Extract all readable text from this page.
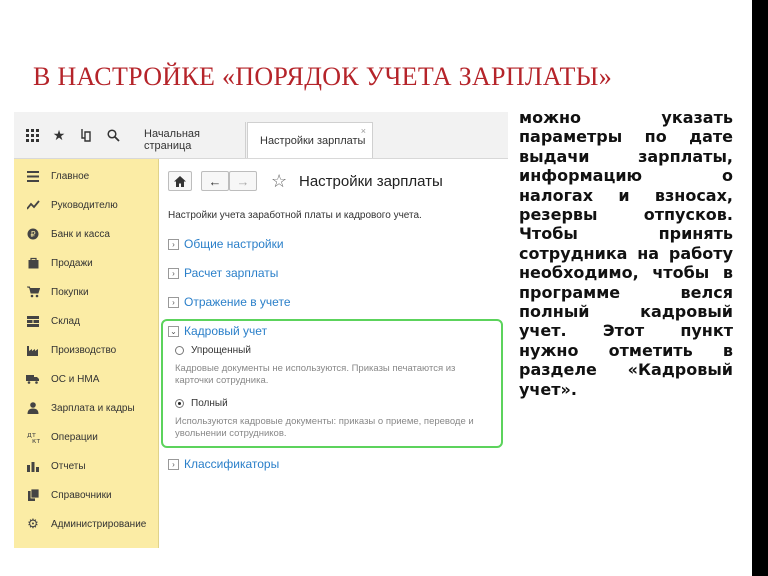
В НАСТРОЙКЕ «ПОРЯДОК УЧЕТА ЗАРПЛАТЫ»
★	Начальная страница	Настройки зарплаты
×
Главное
Руководителю
₽ Банк и касса
Продажи
Покупки
Склад
Производство
ОС и НМА
Зарплата и кадры
дт
кт Операции
Отчеты
Справочники
⚙ Администрирование
← → ☆ Настройки зарплаты
Настройки учета заработной платы и кадрового учета.
› Общие настройки
› Расчет зарплаты
› Отражение в учете
⌄ Кадровый учет
Упрощенный
Кадровые документы не используются. Приказы печатаются из карточки сотрудника.
Полный
Используются кадровые документы: приказы о приеме, переводе и увольнении сотрудников.
› Классификаторы
можно указать параметры по дате выдачи зарплаты, информацию о налогах и взносах, резервы отпусков. Чтобы принять сотрудника на работу необходимо, чтобы в программе велся полный кадровый учет. Этот пункт нужно отметить в разделе «Кадровый учет».
